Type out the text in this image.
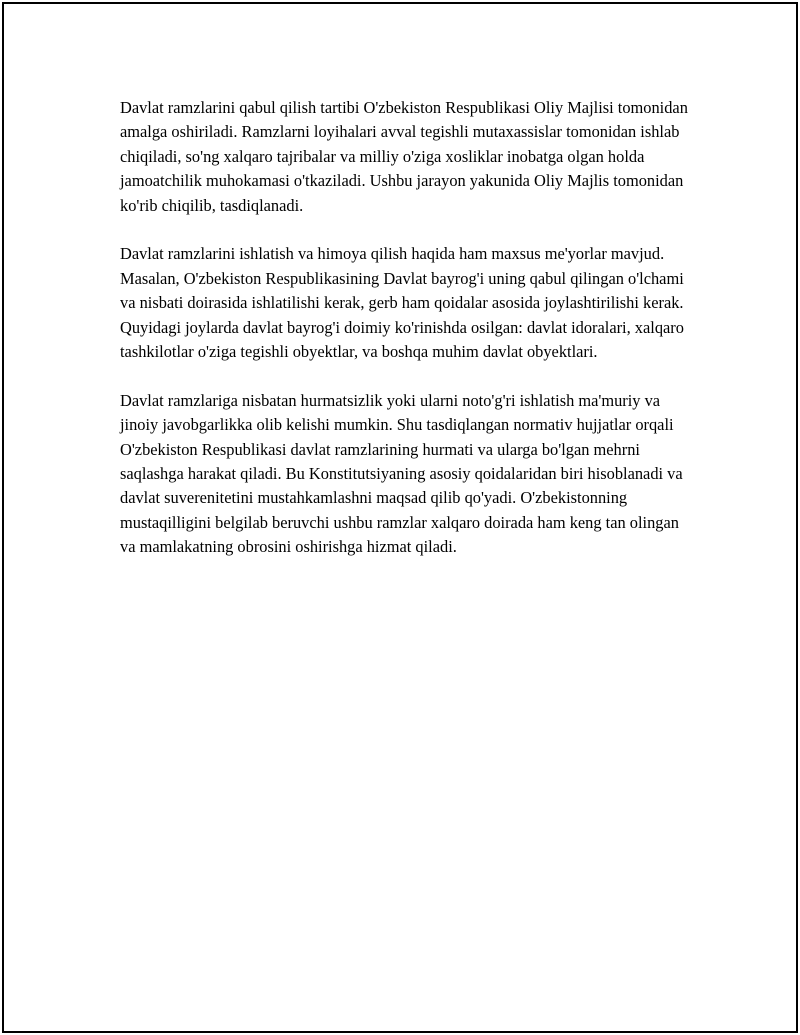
Davlat ramzlarini qabul qilish tartibi O'zbekiston Respublikasi Oliy Majlisi tomonidan amalga oshiriladi. Ramzlarni loyihalari avval tegishli mutaxassislar tomonidan ishlab chiqiladi, so'ng xalqaro tajribalar va milliy o'ziga xosliklar inobatga olgan holda jamoatchilik muhokamasi o'tkaziladi. Ushbu jarayon yakunida Oliy Majlis tomonidan ko'rib chiqilib, tasdiqlanadi.

Davlat ramzlarini ishlatish va himoya qilish haqida ham maxsus me'yorlar mavjud. Masalan, O'zbekiston Respublikasining Davlat bayrog'i uning qabul qilingan o'lchami va nisbati doirasida ishlatilishi kerak, gerb ham qoidalar asosida joylashtirilishi kerak. Quyidagi joylarda davlat bayrog'i doimiy ko'rinishda osilgan: davlat idoralari, xalqaro tashkilotlar o'ziga tegishli obyektlar, va boshqa muhim davlat obyektlari.

Davlat ramzlariga nisbatan hurmatsizlik yoki ularni noto'g'ri ishlatish ma'muriy va jinoiy javobgarlikka olib kelishi mumkin. Shu tasdiqlangan normativ hujjatlar orqali O'zbekiston Respublikasi davlat ramzlarining hurmati va ularga bo'lgan mehrni saqlashga harakat qiladi. Bu Konstitutsiyaning asosiy qoidalaridan biri hisoblanadi va davlat suverenitetini mustahkamlashni maqsad qilib qo'yadi. O'zbekistonning mustaqilligini belgilab beruvchi ushbu ramzlar xalqaro doirada ham keng tan olingan va mamlakatning obrosini oshirishga hizmat qiladi.
